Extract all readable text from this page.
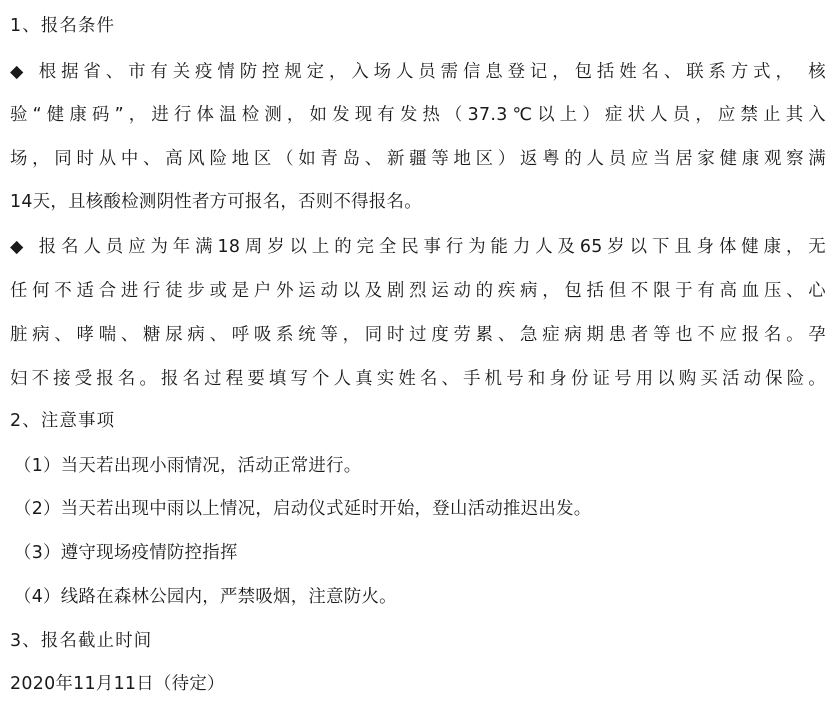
1、报名条件
◆ 根据省、市有关疫情防控规定，入场人员需信息登记，包括姓名、联系方式， 核
验“健康码”，进行体温检测，如发现有发热（37.3℃以上）症状人员，应禁止其入
场，同时从中、高风险地区（如青岛、新疆等地区）返粤的人员应当居家健康观察满
14天，且核酸检测阴性者方可报名，否则不得报名。
◆ 报名人员应为年满18周岁以上的完全民事行为能力人及65岁以下且身体健康，无
任何不适合进行徒步或是户外运动以及剧烈运动的疾病，包括但不限于有高血压、心
脏病、哮喘、糖尿病、呼吸系统等，同时过度劳累、急症病期患者等也不应报名。孕
妇不接受报名。报名过程要填写个人真实姓名、手机号和身份证号用以购买活动保险。
2、注意事项
（1）当天若出现小雨情况，活动正常进行。
（2）当天若出现中雨以上情况，启动仪式延时开始，登山活动推迟出发。
（3）遵守现场疫情防控指挥
（4）线路在森林公园内，严禁吸烟，注意防火。
3、报名截止时间
2020年11月11日（待定）
